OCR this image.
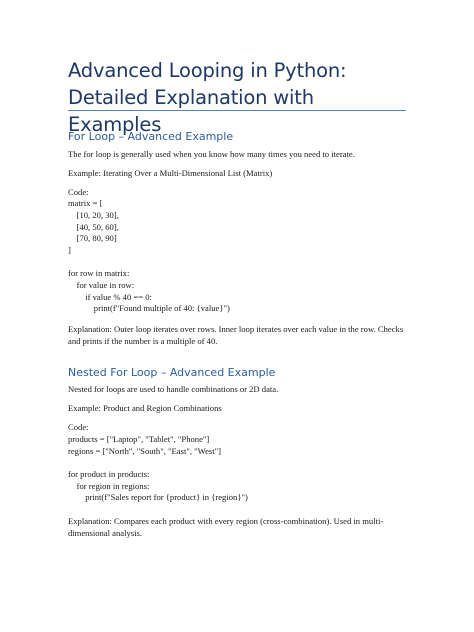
Advanced Looping in Python: Detailed Explanation with Examples
For Loop – Advanced Example
The for loop is generally used when you know how many times you need to iterate.
Example: Iterating Over a Multi-Dimensional List (Matrix)
Code:
matrix = [
[10, 20, 30],
[40, 50, 60],
[70, 80, 90]
]
for row in matrix:
for value in row:
if value % 40 == 0:
print(f"Found multiple of 40: {value}")
Explanation: Outer loop iterates over rows. Inner loop iterates over each value in the row. Checks and prints if the number is a multiple of 40.
Nested For Loop – Advanced Example
Nested for loops are used to handle combinations or 2D data.
Example: Product and Region Combinations
Code:
products = ["Laptop", "Tablet", "Phone"]
regions = ["North", "South", "East", "West"]
for product in products:
for region in regions:
print(f"Sales report for {product} in {region}")
Explanation: Compares each product with every region (cross-combination). Used in multi-dimensional analysis.
